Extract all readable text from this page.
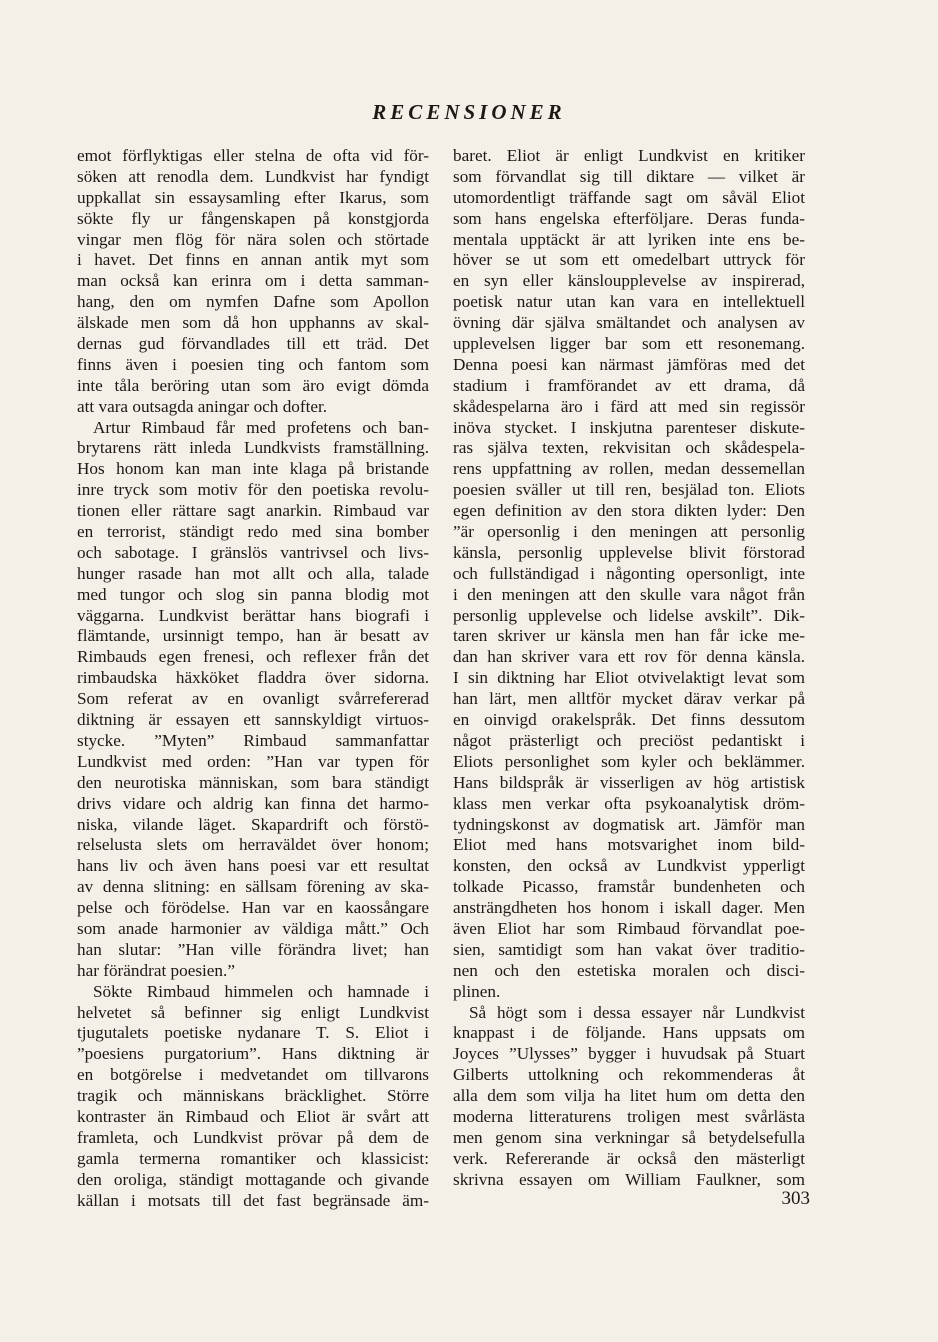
RECENSIONER
emot förflyktigas eller stelna de ofta vid för-
söken att renodla dem. Lundkvist har fyndigt
uppkallat sin essaysamling efter Ikarus, som
sökte fly ur fångenskapen på konstgjorda
vingar men flög för nära solen och störtade
i havet. Det finns en annan antik myt som
man också kan erinra om i detta samman-
hang, den om nymfen Dafne som Apollon
älskade men som då hon upphanns av skal-
dernas gud förvandlades till ett träd. Det
finns även i poesien ting och fantom som
inte tåla beröring utan som äro evigt dömda
att vara outsagda aningar och dofter.
Artur Rimbaud får med profetens och ban-
brytarens rätt inleda Lundkvists framställning.
Hos honom kan man inte klaga på bristande
inre tryck som motiv för den poetiska revolu-
tionen eller rättare sagt anarkin. Rimbaud var
en terrorist, ständigt redo med sina bomber
och sabotage. I gränslös vantrivsel och livs-
hunger rasade han mot allt och alla, talade
med tungor och slog sin panna blodig mot
väggarna. Lundkvist berättar hans biografi i
flämtande, ursinnigt tempo, han är besatt av
Rimbauds egen frenesi, och reflexer från det
rimbaudska häxköket fladdra över sidorna.
Som referat av en ovanligt svårrefererad
diktning är essayen ett sannskyldigt virtuos-
stycke. ”Myten” Rimbaud sammanfattar
Lundkvist med orden: ”Han var typen för
den neurotiska människan, som bara ständigt
drivs vidare och aldrig kan finna det harmo-
niska, vilande läget. Skapardrift och förstö-
relselusta slets om herraväldet över honom;
hans liv och även hans poesi var ett resultat
av denna slitning: en sällsam förening av ska-
pelse och förödelse. Han var en kaossångare
som anade harmonier av väldiga mått.” Och
han slutar: ”Han ville förändra livet; han
har förändrat poesien.”
Sökte Rimbaud himmelen och hamnade i
helvetet så befinner sig enligt Lundkvist
tjugutalets poetiske nydanare T. S. Eliot i
”poesiens purgatorium”. Hans diktning är
en botgörelse i medvetandet om tillvarons
tragik och människans bräcklighet. Större
kontraster än Rimbaud och Eliot är svårt att
framleta, och Lundkvist prövar på dem de
gamla termerna romantiker och klassicist:
den oroliga, ständigt mottagande och givande
källan i motsats till det fast begränsade äm-
baret. Eliot är enligt Lundkvist en kritiker
som förvandlat sig till diktare — vilket är
utomordentligt träffande sagt om såväl Eliot
som hans engelska efterföljare. Deras funda-
mentala upptäckt är att lyriken inte ens be-
höver se ut som ett omedelbart uttryck för
en syn eller känsloupplevelse av inspirerad,
poetisk natur utan kan vara en intellektuell
övning där själva smältandet och analysen av
upplevelsen ligger bar som ett resonemang.
Denna poesi kan närmast jämföras med det
stadium i framförandet av ett drama, då
skådespelarna äro i färd att med sin regissör
inöva stycket. I inskjutna parenteser diskute-
ras själva texten, rekvisitan och skådespela-
rens uppfattning av rollen, medan dessemellan
poesien sväller ut till ren, besjälad ton. Eliots
egen definition av den stora dikten lyder: Den
”är opersonlig i den meningen att personlig
känsla, personlig upplevelse blivit förstorad
och fullständigad i någonting opersonligt, inte
i den meningen att den skulle vara något från
personlig upplevelse och lidelse avskilt”. Dik-
taren skriver ur känsla men han får icke me-
dan han skriver vara ett rov för denna känsla.
I sin diktning har Eliot otvivelaktigt levat som
han lärt, men alltför mycket därav verkar på
en oinvigd orakelspråk. Det finns dessutom
något prästerligt och preciöst pedantiskt i
Eliots personlighet som kyler och beklämmer.
Hans bildspråk är visserligen av hög artistisk
klass men verkar ofta psykoanalytisk dröm-
tydningskonst av dogmatisk art. Jämför man
Eliot med hans motsvarighet inom bild-
konsten, den också av Lundkvist ypperligt
tolkade Picasso, framstår bundenheten och
ansträngdheten hos honom i iskall dager. Men
även Eliot har som Rimbaud förvandlat poe-
sien, samtidigt som han vakat över traditio-
nen och den estetiska moralen och disci-
plinen.
Så högt som i dessa essayer når Lundkvist
knappast i de följande. Hans uppsats om
Joyces ”Ulysses” bygger i huvudsak på Stuart
Gilberts uttolkning och rekommenderas åt
alla dem som vilja ha litet hum om detta den
moderna litteraturens troligen mest svårlästa
men genom sina verkningar så betydelsefulla
verk. Refererande är också den mästerligt
skrivna essayen om William Faulkner, som
303
